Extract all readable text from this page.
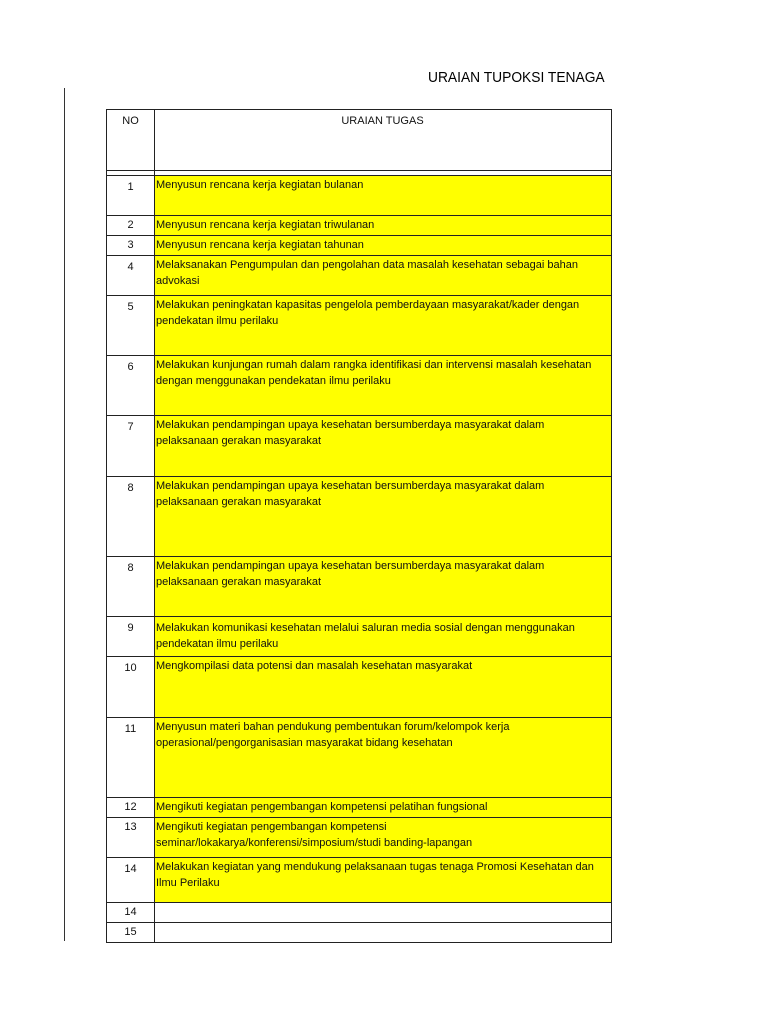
URAIAN TUPOKSI TENAGA
NO	URAIAN TUGAS

1	Menyusun rencana kerja kegiatan bulanan
2	Menyusun rencana kerja kegiatan triwulanan
3	Menyusun rencana kerja kegiatan tahunan
4	Melaksanakan Pengumpulan dan pengolahan data masalah kesehatan sebagai bahan advokasi
5	Melakukan peningkatan kapasitas pengelola pemberdayaan masyarakat/kader dengan pendekatan ilmu perilaku
6	Melakukan kunjungan rumah dalam rangka identifikasi dan intervensi masalah kesehatan dengan menggunakan pendekatan ilmu perilaku
7	Melakukan pendampingan upaya kesehatan bersumberdaya masyarakat dalam pelaksanaan gerakan masyarakat
8	Melakukan pendampingan upaya kesehatan bersumberdaya masyarakat dalam pelaksanaan gerakan masyarakat
8	Melakukan pendampingan upaya kesehatan bersumberdaya masyarakat dalam pelaksanaan gerakan masyarakat
9	Melakukan komunikasi kesehatan melalui saluran media sosial dengan menggunakan pendekatan ilmu perilaku
10	Mengkompilasi data potensi dan masalah kesehatan masyarakat
11	Menyusun materi bahan pendukung pembentukan forum/kelompok kerja operasional/pengorganisasian masyarakat bidang kesehatan
12	Mengikuti kegiatan pengembangan kompetensi pelatihan fungsional
13	Mengikuti kegiatan pengembangan kompetensi seminar/lokakarya/konferensi/simposium/studi banding-lapangan
14	Melakukan kegiatan yang mendukung pelaksanaan tugas tenaga Promosi Kesehatan dan Ilmu Perilaku
14	
15	
